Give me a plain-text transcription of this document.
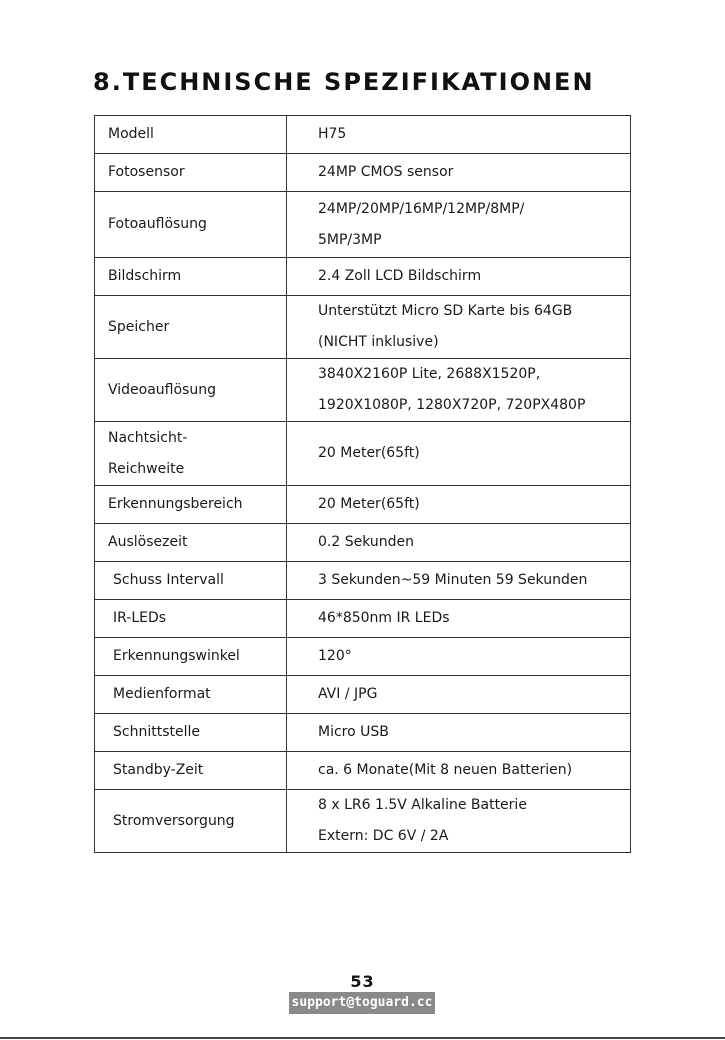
8.TECHNISCHE SPEZIFIKATIONEN
Modell	H75

Fotosensor	24MP CMOS sensor

Fotoauflösung	24MP/20MP/16MP/12MP/8MP/
5MP/3MP

Bildschirm	2.4 Zoll LCD Bildschirm

Speicher	Unterstützt Micro SD Karte bis 64GB
(NICHT inklusive)

Videoauflösung	3840X2160P Lite, 2688X1520P,
1920X1080P, 1280X720P, 720PX480P

Nachtsicht-
Reichweite	20 Meter(65ft)

Erkennungsbereich	20 Meter(65ft)

Auslösezeit	0.2 Sekunden

Schuss Intervall	3 Sekunden~59 Minuten 59 Sekunden

IR-LEDs	46*850nm IR LEDs

Erkennungswinkel	120°

Medienformat	AVI / JPG

Schnittstelle	Micro USB

Standby-Zeit	ca. 6 Monate(Mit 8 neuen Batterien)

Stromversorgung	8 x LR6 1.5V Alkaline Batterie
Extern: DC 6V / 2A
53
support@toguard.cc
